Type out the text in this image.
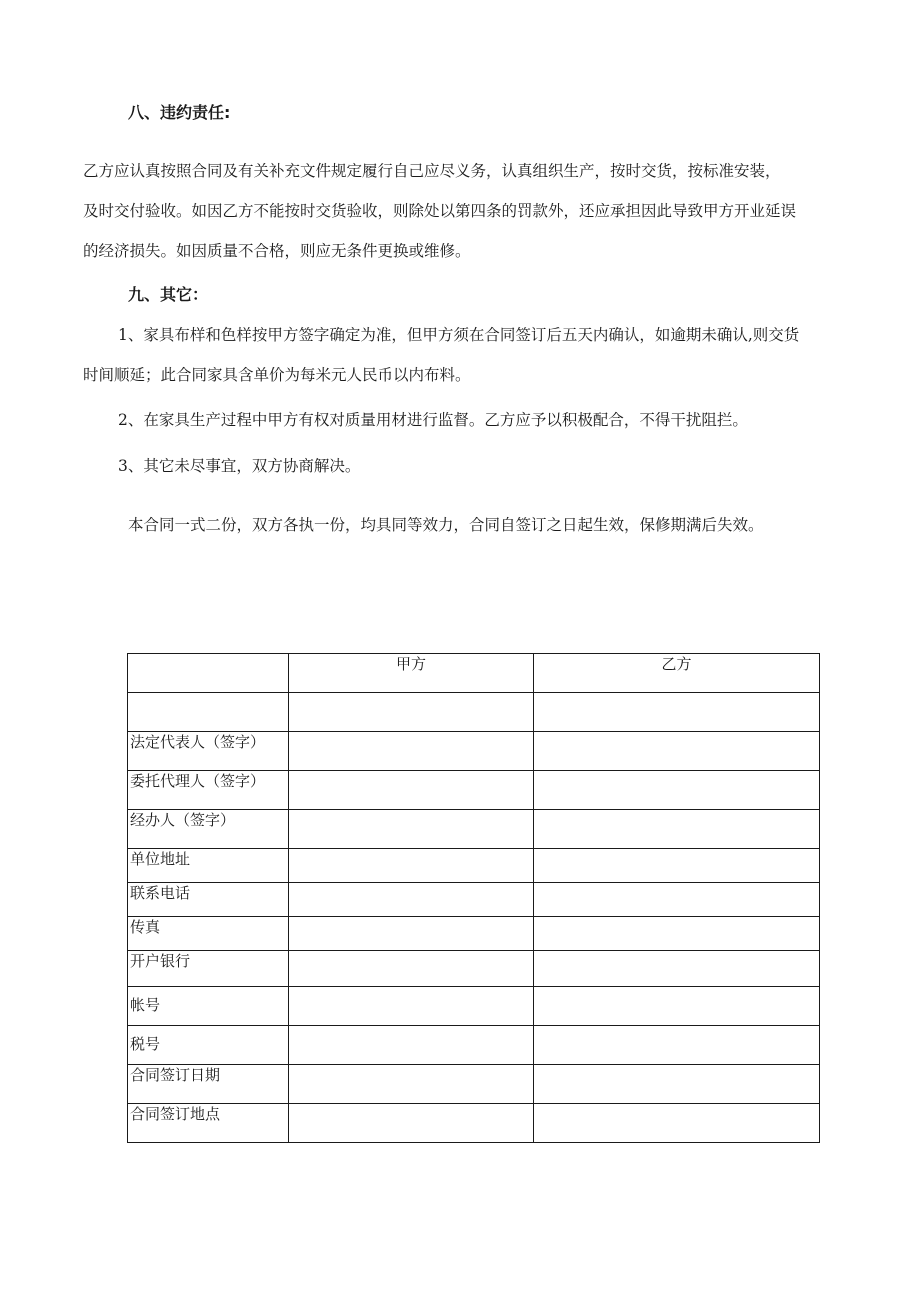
八、违约责任:
乙方应认真按照合同及有关补充文件规定履行自己应尽义务，认真组织生产，按时交货，按标准安装，
及时交付验收。如因乙方不能按时交货验收，则除处以第四条的罚款外，还应承担因此导致甲方开业延误
的经济损失。如因质量不合格，则应无条件更换或维修。
九、其它：
1、家具布样和色样按甲方签字确定为准，但甲方须在合同签订后五天内确认，如逾期未确认,则交货
时间顺延；此合同家具含单价为每米元人民币以内布料。
2、在家具生产过程中甲方有权对质量用材进行监督。乙方应予以积极配合，不得干扰阻拦。
3、其它未尽事宜，双方协商解决。
本合同一式二份，双方各执一份，均具同等效力，合同自签订之日起生效，保修期满后失效。
	甲方	乙方

法定代表人（签字）		
委托代理人（签字）		
经办人（签字）		
单位地址		
联系电话		
传真		
开户银行		
帐号		
税号		
合同签订日期		
合同签订地点		
